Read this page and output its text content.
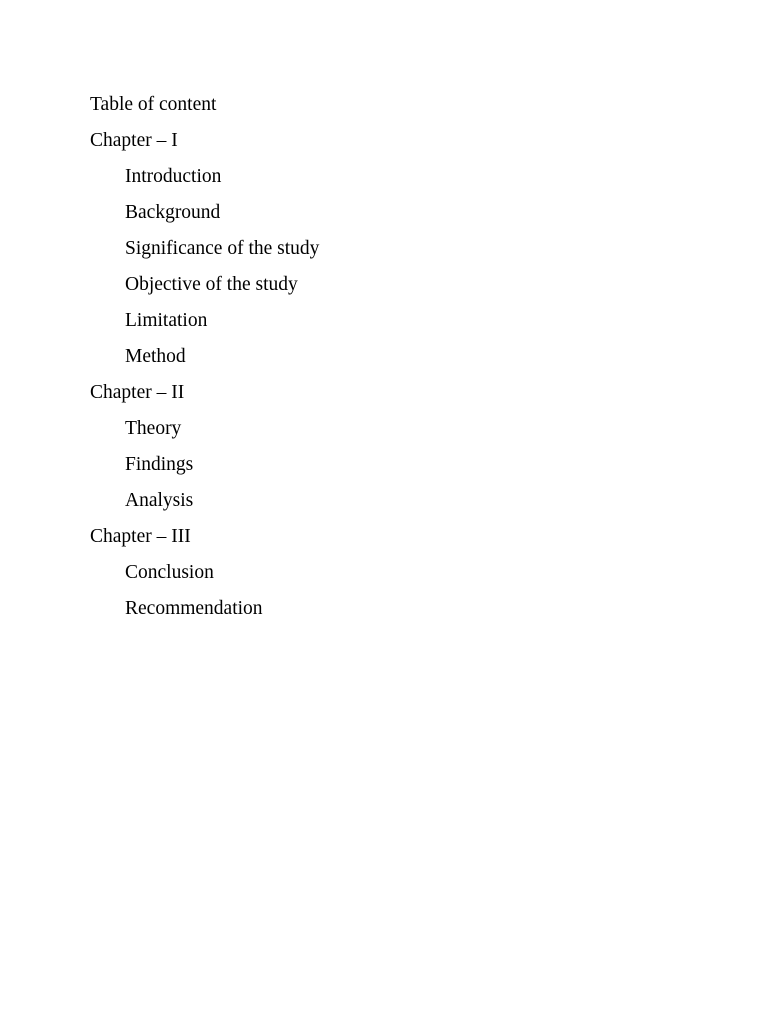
Table of content
Chapter – I
Introduction
Background
Significance of the study
Objective of the study
Limitation
Method
Chapter – II
Theory
Findings
Analysis
Chapter – III
Conclusion
Recommendation
